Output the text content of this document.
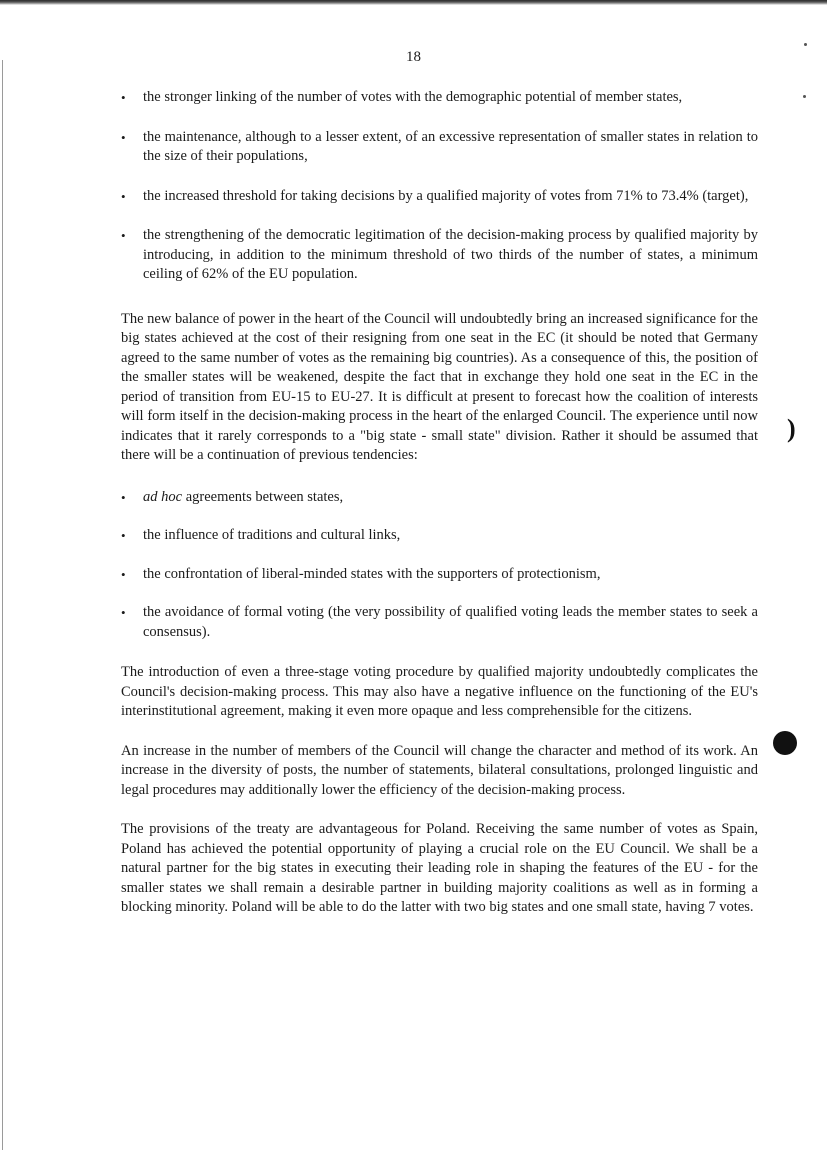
18
•	the stronger linking of the number of votes with the demographic potential of member states,
•	the maintenance, although to a lesser extent, of an excessive representation of smaller states in relation to the size of their populations,
•	the increased threshold for taking decisions by a qualified majority of votes from 71% to 73.4% (target),
•	the strengthening of the democratic legitimation of the decision-making process by qualified majority by introducing, in addition to the minimum threshold of two thirds of the number of states, a minimum ceiling of 62% of the EU population.

The new balance of power in the heart of the Council will undoubtedly bring an increased significance for the big states achieved at the cost of their resigning from one seat in the EC (it should be noted that Germany agreed to the same number of votes as the remaining big countries). As a consequence of this, the position of the smaller states will be weakened, despite the fact that in exchange they hold one seat in the EC in the period of transition from EU-15 to EU-27. It is difficult at present to forecast how the coalition of interests will form itself in the decision-making process in the heart of the enlarged Council. The experience until now indicates that it rarely corresponds to a "big state - small state" division. Rather it should be assumed that there will be a continuation of previous tendencies:

•	ad hoc agreements between states,
•	the influence of traditions and cultural links,
•	the confrontation of liberal-minded states with the supporters of protectionism,
•	the avoidance of formal voting (the very possibility of qualified voting leads the member states to seek a consensus).

The introduction of even a three-stage voting procedure by qualified majority undoubtedly complicates the Council's decision-making process. This may also have a negative influence on the functioning of the EU's interinstitutional agreement, making it even more opaque and less comprehensible for the citizens.

An increase in the number of members of the Council will change the character and method of its work. An increase in the diversity of posts, the number of statements, bilateral consultations, prolonged linguistic and legal procedures may additionally lower the efficiency of the decision-making process.

The provisions of the treaty are advantageous for Poland. Receiving the same number of votes as Spain, Poland has achieved the potential opportunity of playing a crucial role on the EU Council. We shall be a natural partner for the big states in executing their leading role in shaping the features of the EU - for the smaller states we shall remain a desirable partner in building majority coalitions as well as in forming a blocking minority. Poland will be able to do the latter with two big states and one small state, having 7 votes.

)
